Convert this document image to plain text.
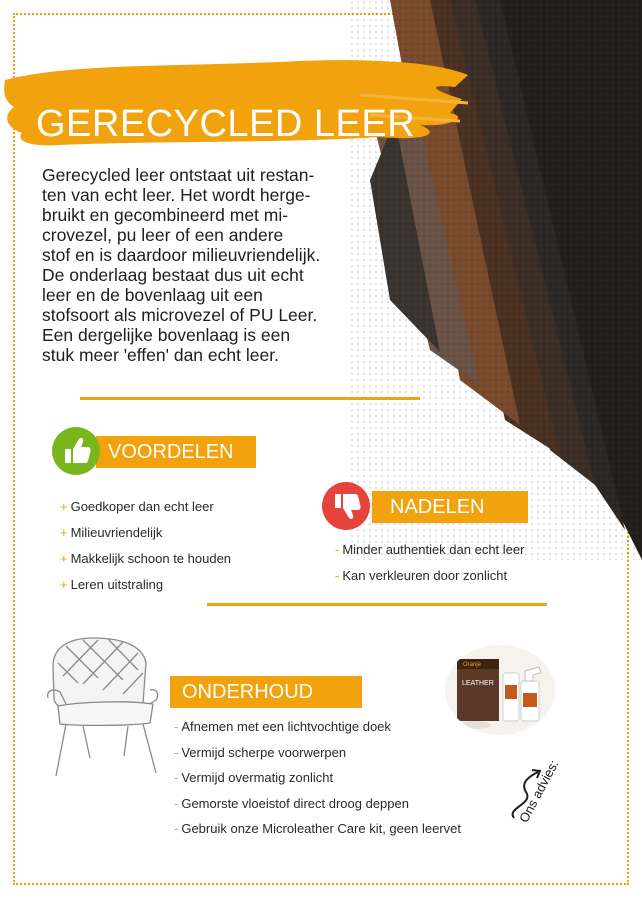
GERECYCLED LEER

Gerecycled leer ontstaat uit restan-

ten van echt leer. Het wordt herge-

bruikt en gecombineerd met mi-

crovezel, pu leer of een andere

stof en is daardoor milieuvriendelijk.

De onderlaag bestaat dus uit echt

leer en de bovenlaag uit een

stofsoort als microvezel of PU Leer.

Een dergelijke bovenlaag is een

stuk meer 'effen' dan echt leer.

VOORDELEN
+ Goedkoper dan echt leer
+ Milieuvriendelijk
+ Makkelijk schoon te houden
+ Leren uitstraling
NADELEN
- Minder authentiek dan echt leer
- Kan verkleuren door zonlicht
ONDERHOUD
- Afnemen met een lichtvochtige doek
- Vermijd scherpe voorwerpen
- Vermijd overmatig zonlicht
- Gemorste vloeistof direct droog deppen
- Gebruik onze Microleather Care kit, geen leervet
Oranje
LEATHER
Ons advies:
